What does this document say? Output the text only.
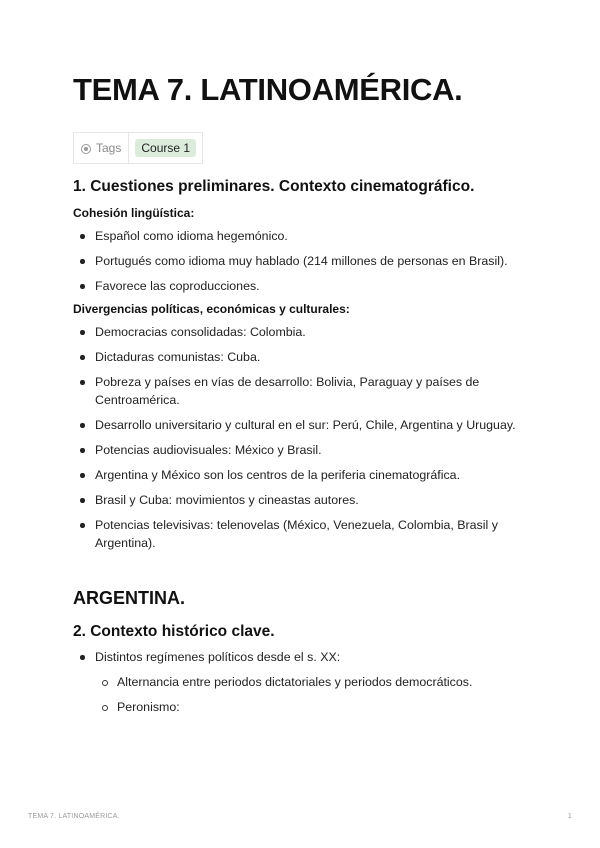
TEMA 7. LATINOAMÉRICA.
Tags	Course 1
1. Cuestiones preliminares. Contexto cinematográfico.
Cohesión lingüística:
Español como idioma hegemónico.
Portugués como idioma muy hablado (214 millones de personas en Brasil).
Favorece las coproducciones.
Divergencias políticas, económicas y culturales:
Democracias consolidadas: Colombia.
Dictaduras comunistas: Cuba.
Pobreza y países en vías de desarrollo: Bolivia, Paraguay y países de Centroamérica.
Desarrollo universitario y cultural en el sur: Perú, Chile, Argentina y Uruguay.
Potencias audiovisuales: México y Brasil.
Argentina y México son los centros de la periferia cinematográfica.
Brasil y Cuba: movimientos y cineastas autores.
Potencias televisivas: telenovelas (México, Venezuela, Colombia, Brasil y Argentina).
ARGENTINA.
2. Contexto histórico clave.
Distintos regímenes políticos desde el s. XX:
Alternancia entre periodos dictatoriales y periodos democráticos.
Peronismo:
TEMA 7. LATINOAMÉRICA.	1
